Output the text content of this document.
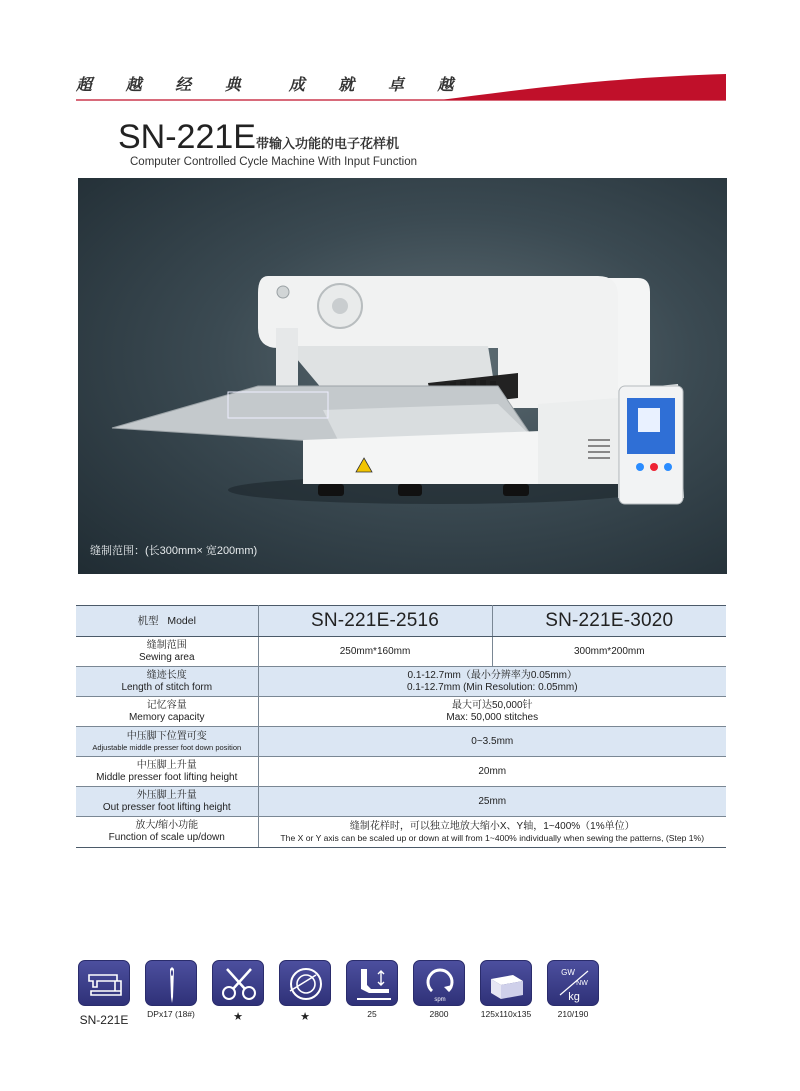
超 越 经 典 成 就 卓 越
SN-221E 带输入功能的电子花样机
Computer Controlled Cycle Machine With Input Function
缝制范围：(长300mm× 宽200mm)
机型 Model	SN-221E-2516	SN-221E-3020

缝制范围
Sewing area	250mm*160mm	300mm*200mm

缝迹长度
Length of stitch form	0.1-12.7mm（最小分辨率为0.05mm）
0.1-12.7mm (Min Resolution: 0.05mm)	

记忆容量
Memory capacity	最大可达50,000针
Max: 50,000 stitches	

中压脚下位置可变
Adjustable middle presser foot down position	0~3.5mm	

中压脚上升量
Middle presser foot lifting height	20mm	

外压脚上升量
Out presser foot lifting height	25mm	

放大/缩小功能
Function of scale up/down	缝制花样时，可以独立地放大缩小X、Y轴，1~400%（1%单位）
The X or Y axis can be scaled up or down at will from 1~400% individually when sewing the patterns, (Step 1%)	
SN-221E	DPx17 (18#)	★	★	25
spm
2800	125x110x135
GW
NW
kg
210/190
